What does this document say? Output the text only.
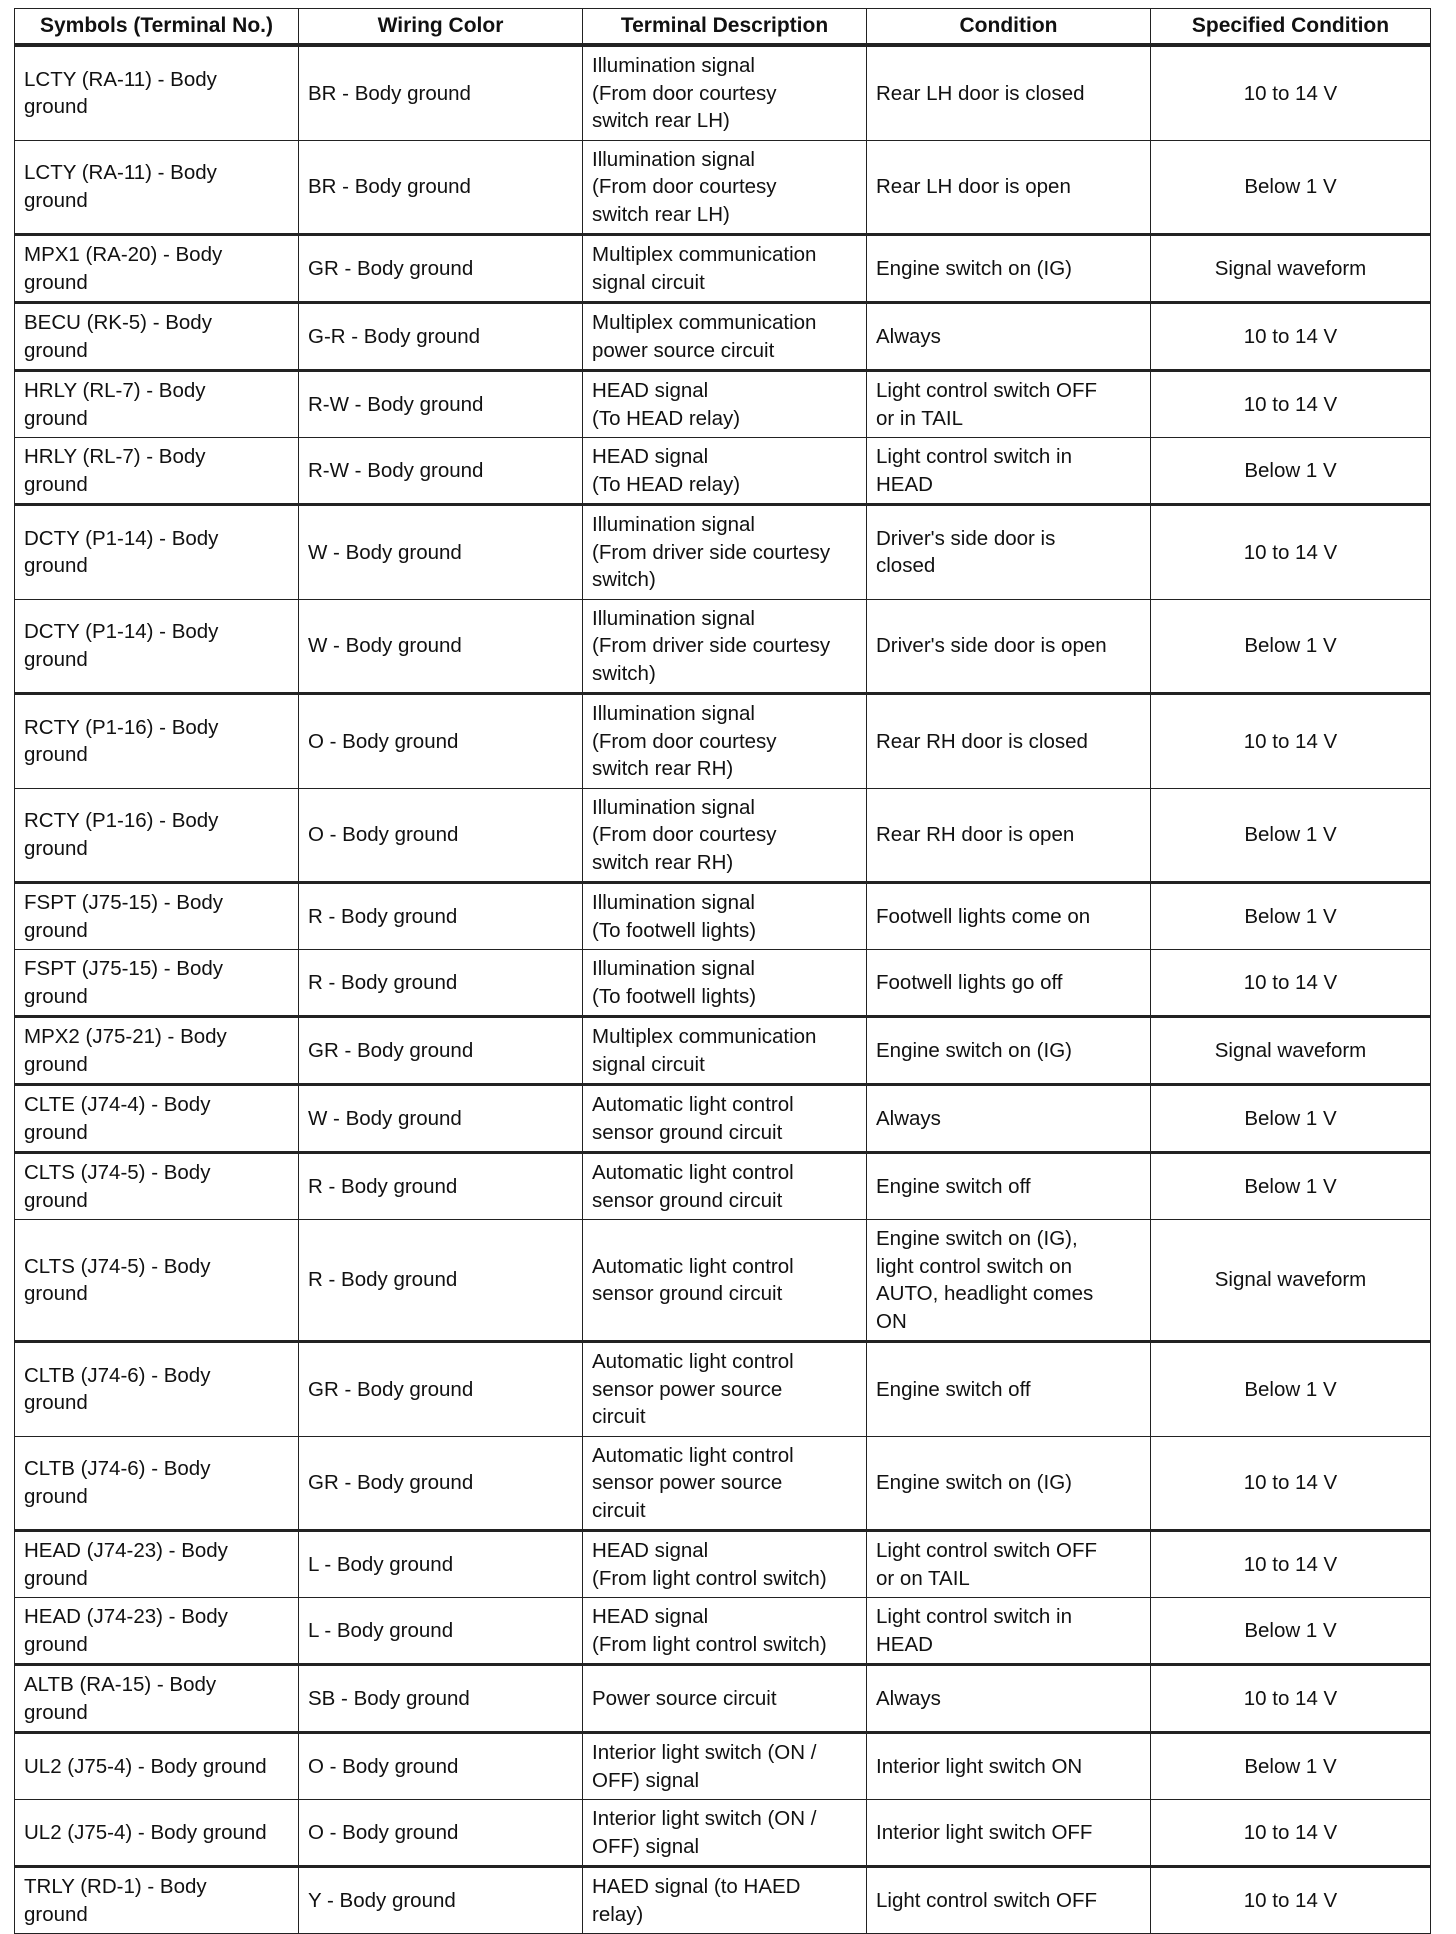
Symbols (Terminal No.)	Wiring Color	Terminal Description	Condition	Specified Condition
LCTY (RA-11) - Body
ground	BR - Body ground	Illumination signal
(From door courtesy
switch rear LH)	Rear LH door is closed	10 to 14 V
LCTY (RA-11) - Body
ground	BR - Body ground	Illumination signal
(From door courtesy
switch rear LH)	Rear LH door is open	Below 1 V
MPX1 (RA-20) - Body
ground	GR - Body ground	Multiplex communication
signal circuit	Engine switch on (IG)	Signal waveform
BECU (RK-5) - Body
ground	G-R - Body ground	Multiplex communication
power source circuit	Always	10 to 14 V
HRLY (RL-7) - Body
ground	R-W - Body ground	HEAD signal
(To HEAD relay)	Light control switch OFF
or in TAIL	10 to 14 V
HRLY (RL-7) - Body
ground	R-W - Body ground	HEAD signal
(To HEAD relay)	Light control switch in
HEAD	Below 1 V
DCTY (P1-14) - Body
ground	W - Body ground	Illumination signal
(From driver side courtesy
switch)	Driver's side door is
closed	10 to 14 V
DCTY (P1-14) - Body
ground	W - Body ground	Illumination signal
(From driver side courtesy
switch)	Driver's side door is open	Below 1 V
RCTY (P1-16) - Body
ground	O - Body ground	Illumination signal
(From door courtesy
switch rear RH)	Rear RH door is closed	10 to 14 V
RCTY (P1-16) - Body
ground	O - Body ground	Illumination signal
(From door courtesy
switch rear RH)	Rear RH door is open	Below 1 V
FSPT (J75-15) - Body
ground	R - Body ground	Illumination signal
(To footwell lights)	Footwell lights come on	Below 1 V
FSPT (J75-15) - Body
ground	R - Body ground	Illumination signal
(To footwell lights)	Footwell lights go off	10 to 14 V
MPX2 (J75-21) - Body
ground	GR - Body ground	Multiplex communication
signal circuit	Engine switch on (IG)	Signal waveform
CLTE (J74-4) - Body
ground	W - Body ground	Automatic light control
sensor ground circuit	Always	Below 1 V
CLTS (J74-5) - Body
ground	R - Body ground	Automatic light control
sensor ground circuit	Engine switch off	Below 1 V
CLTS (J74-5) - Body
ground	R - Body ground	Automatic light control
sensor ground circuit	Engine switch on (IG),
light control switch on
AUTO, headlight comes
ON	Signal waveform
CLTB (J74-6) - Body
ground	GR - Body ground	Automatic light control
sensor power source
circuit	Engine switch off	Below 1 V
CLTB (J74-6) - Body
ground	GR - Body ground	Automatic light control
sensor power source
circuit	Engine switch on (IG)	10 to 14 V
HEAD (J74-23) - Body
ground	L - Body ground	HEAD signal
(From light control switch)	Light control switch OFF
or on TAIL	10 to 14 V
HEAD (J74-23) - Body
ground	L - Body ground	HEAD signal
(From light control switch)	Light control switch in
HEAD	Below 1 V
ALTB (RA-15) - Body
ground	SB - Body ground	Power source circuit	Always	10 to 14 V
UL2 (J75-4) - Body ground	O - Body ground	Interior light switch (ON /
OFF) signal	Interior light switch ON	Below 1 V
UL2 (J75-4) - Body ground	O - Body ground	Interior light switch (ON /
OFF) signal	Interior light switch OFF	10 to 14 V
TRLY (RD-1) - Body
ground	Y - Body ground	HAED signal (to HAED
relay)	Light control switch OFF	10 to 14 V
